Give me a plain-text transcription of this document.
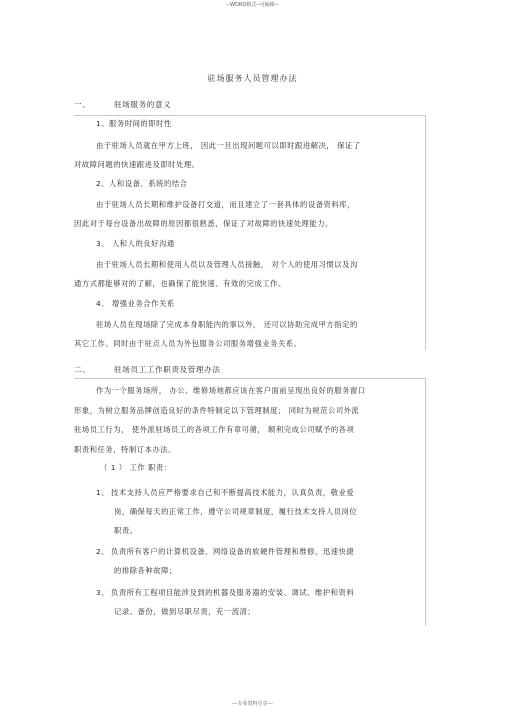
--WORD格式--可编辑--
驻场服务人员管理办法
一、	驻场服务的意义
1、服务时间的即时性
由于驻场人员就在甲方上班， 因此一旦出现问题可以即时跟进解决， 保证了
对故障问题的快速跟进及即时处理。
2、人和设备、系统的结合
由于驻场人员长期和维护设备打交道，而且建立了一套具体的设备资料库，
因此对于每台设备出故障的原因都很熟悉，保证了对故障的快速处理能力。
3、 人和人的良好沟通
由于驻场人员长期和使用人员以及管理人员接触， 对个人的使用习惯以及沟
通方式都能够对的了解，也确保了能快速、有效的完成工作。
4、 增强业务合作关系
驻场人员在现场除了完成本身职能内的事以外， 还可以协助完成甲方指定的
其它工作。同时由于驻点人员为外包服务公司服务增强业务关系。
二、	驻场员工工作职责及管理办法
作为一个服务场所， 办公、维修场地都应该在客户面前呈现出良好的服务窗口
形象，为树立服务品牌创造良好的条件特制定以下管理制度； 同时为规范公司外派
驻场员工行为， 使外派驻场员工的各项工作有章可循， 顺利完成公司赋予的各项
职责和任务，特制订本办法。
（ 1 ） 工作 职责：
1、 技术支持人员应严格要求自己和不断提高技术能力，认真负责，敬业爱
岗，确保每天的正常工作，遵守公司规章制度，履行技术支持人员岗位
职责。
2、 负责所有客户的计算机设备、网络设备的软硬件管理和维修，迅速快捷
的排除各种故障；
3、 负责所有工程项目能涉及到的机器及服务器的安装、调试、维护和资料
记录、备份，做到尽职尽责，充一流清；
---专业资料分享---
